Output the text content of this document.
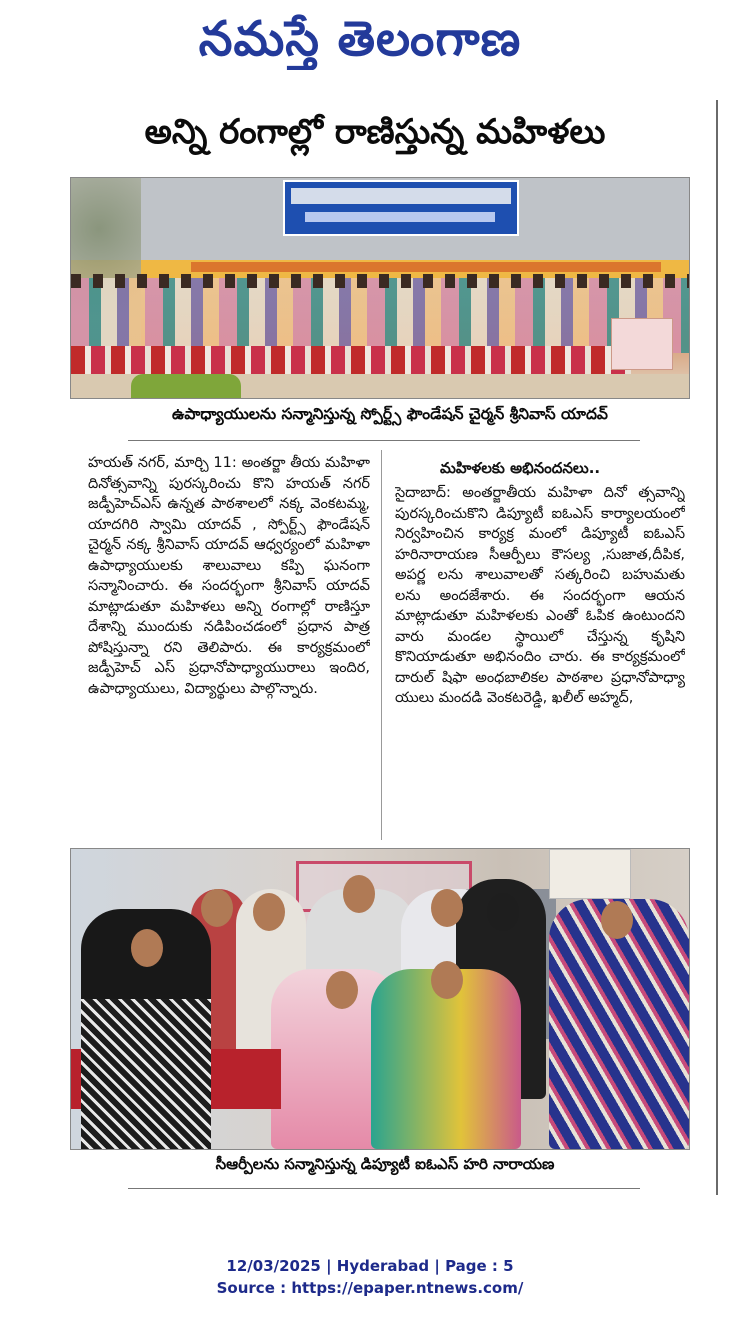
నమస్తే తెలంగాణ
అన్ని రంగాల్లో రాణిస్తున్న మహిళలు
ఉపాధ్యాయులను సన్మానిస్తున్న స్పోర్ట్స్ ఫౌండేషన్ చైర్మన్ శ్రీనివాస్ యాదవ్

హయత్ నగర్, మార్చి 11: అంతర్జా తీయ మహిళా దినోత్సవాన్ని పురస్కరించు కొని హయత్ నగర్ జడ్పీహెచ్ఎస్ ఉన్నత పాఠశాలలో నక్క వెంకటమ్మ, యాదగిరి స్వామి యాదవ్ , స్పోర్ట్స్ ఫౌండేషన్ చైర్మన్ నక్క శ్రీనివాస్ యాదవ్ ఆధ్వర్యంలో మహిళా ఉపాధ్యాయులకు శాలువాలు కప్పి ఘనంగా సన్మానించారు. ఈ సందర్భంగా శ్రీనివాస్ యాదవ్ మాట్లాడుతూ మహిళలు అన్ని రంగాల్లో రాణిస్తూ దేశాన్ని ముందుకు నడిపించడంలో ప్రధాన పాత్ర పోషిస్తున్నా రని తెలిపారు. ఈ కార్యక్రమంలో జడ్పీహెచ్ ఎస్ ప్రధానోపాధ్యాయురాలు ఇందిర, ఉపాధ్యాయులు, విద్యార్థులు పాల్గొన్నారు.

మహిళలకు అభినందనలు..

సైదాబాద్: అంతర్జాతీయ మహిళా దినో త్సవాన్ని పురస్కరించుకొని డిప్యూటీ ఐఓఎస్ కార్యాలయంలో నిర్వహించిన కార్యక్ర మంలో డిప్యూటీ ఐఓఎస్ హరినారాయణ సీఆర్పీలు కౌసల్య ,సుజాత,దీపిక, అపర్ణ లను శాలువాలతో సత్కరించి బహుమతు లను అందజేశారు. ఈ సందర్భంగా ఆయన మాట్లాడుతూ మహిళలకు ఎంతో ఓపిక ఉంటుందని వారు మండల స్థాయిలో చేస్తున్న కృషిని కొనియాడుతూ అభినందిం చారు. ఈ కార్యక్రమంలో దారుల్ షిఫా అంధబాలికల పాఠశాల ప్రధానోపాధ్యా యులు మందడి వెంకటరెడ్డి, ఖలీల్ అహ్మద్,

సీఆర్పీలను సన్మానిస్తున్న డిప్యూటీ ఐఓఎస్ హరి నారాయణ
12/03/2025 | Hyderabad | Page : 5
Source : https://epaper.ntnews.com/
